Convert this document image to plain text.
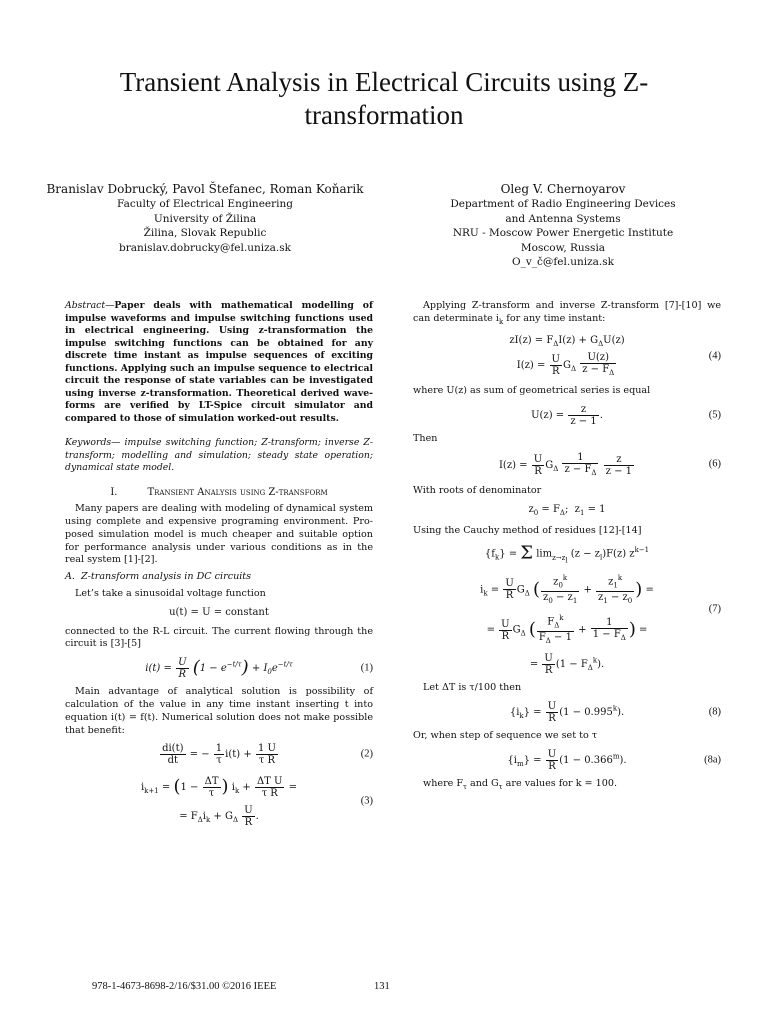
Transient Analysis in Electrical Circuits using Z-transformation
Branislav Dobrucký, Pavol Štefanec, Roman Koňarik
Faculty of Electrical Engineering
University of Žilina
Žilina, Slovak Republic
branislav.dobrucky@fel.uniza.sk
Oleg V. Chernoyarov
Department of Radio Engineering Devices
and Antenna Systems
NRU - Moscow Power Energetic Institute
Moscow, Russia
O_v_č@fel.uniza.sk

Abstract—Paper deals with mathematical modelling of impulse waveforms and impulse switching functions used in electrical engineering. Using z-transformation the impulse switching functions can be obtained for any discrete time instant as impulse sequences of exciting functions. Applying such an impulse sequence to electrical circuit the response of state variables can be investigated using inverse z-transformation. Theoretical derived wave-forms are verified by LT-Spice circuit simulator and compared to those of simulation worked-out results.

Keywords— impulse switching function; Z-transform; inverse Z-transform; modelling and simulation; steady state operation; dynamical state model.

I.	Transient Analysis using Z-transform

Many papers are dealing with modeling of dynamical system using complete and expensive programing environment. Pro-posed simulation model is much cheaper and suitable option for performance analysis under various conditions as in the real system [1]-[2].

A. Z-transform analysis in DC circuits

Let’s take a sinusoidal voltage function

u(t) = U = constant

connected to the R-L circuit. The current flowing through the circuit is [3]-[5]

$i(t) = \frac{U}{R} (1 - e^{-t/\tau}) + I_0e^{-t/\tau}$	(1)

Main advantage of analytical solution is possibility of calculation of the value in any time instant inserting t into equation i(t) = f(t). Numerical solution does not make possible that benefit:

$\frac{di(t)}{dt}$ = − $\frac{1}{\tau} i(t) + \frac{1 U}{\text{τ R}}$	(2)
$i_{k+1} = (1 - \frac{\Delta T}{\tau}$ ) $i_k + \frac{\text{ΔT U}}{\text{τ R}}$ =
= $F_\Delta i_k + G_\Delta \frac{U}{R}$ .
(3)

Applying Z-transform and inverse Z-transform [7]-[10] we can determinate $i_k$ for any time instant:

$zI(z) = F_\Delta I(z) + G_\Delta U(z)$
$I(z) = \frac{U}{R} G_\Delta \frac{U(z)}{z - F_\Delta}$	(4)

where U(z) as sum of geometrical series is equal

$U(z) = \frac{z}{z - 1}$ .	(5)

Then

$I(z) = \frac{U}{R} G_\Delta \frac{1}{z - F_\Delta}$
$\frac{z}{z - 1}$	(6)

With roots of denominator

$z_0 = F_\Delta$;  $z_1 = 1$

Using the Cauchy method of residues [12]-[14]

$\{f_k\} = \Sigma$ $\lim_{z\to z_l} (z - z_l)F(z)$ $z^{k-1}$
$i_k = \frac{U}{R} G_\Delta$ ( $\frac{z_0^k}{z_0 - z_1} + \frac{z_1^k}{z_1 - z_0}$ ) =
= $\frac{U}{R} G_\Delta$ ( $\frac{F_\Delta^k}{F_\Delta - 1} + \frac{1}{1 - F_\Delta}$ ) =
= $\frac{U}{R} (1 - F_\Delta^k)$.
(7)

Let ΔT is τ/100 then

$\{i_k\} = \frac{U}{R} (1 - 0.995^k)$.	(8)

Or, when step of sequence we set to τ

$\{i_m\} = \frac{U}{R} (1 - 0.366^m)$.	(8a)

where $F_\tau$ and $G_\tau$ are values for k = 100.

978-1-4673-8698-2/16/$31.00 ©2016 IEEE	131
